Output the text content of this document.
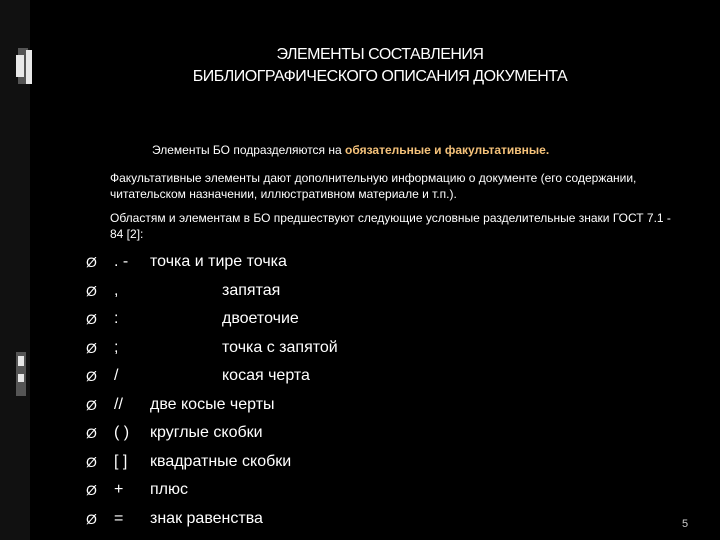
ЭЛЕМЕНТЫ СОСТАВЛЕНИЯ
БИБЛИОГРАФИЧЕСКОГО ОПИСАНИЯ ДОКУМЕНТА
Элементы БО подразделяются на обязательные и факультативные.
Факультативные элементы дают дополнительную информацию о документе (его содержании, читательском назначении, иллюстративном материале и т.п.).
Областям и элементам в БО предшествуют следующие условные разделительные знаки ГОСТ 7.1 - 84 [2]:
Ø	. -	точка и тире точка
Ø	,	запятая
Ø	:	двоеточие
Ø	;	точка с запятой
Ø	/	косая черта
Ø	//	две косые черты
Ø	( )	круглые скобки
Ø	[ ]	квадратные скобки
Ø	+	плюс
Ø	=	знак равенства	5
